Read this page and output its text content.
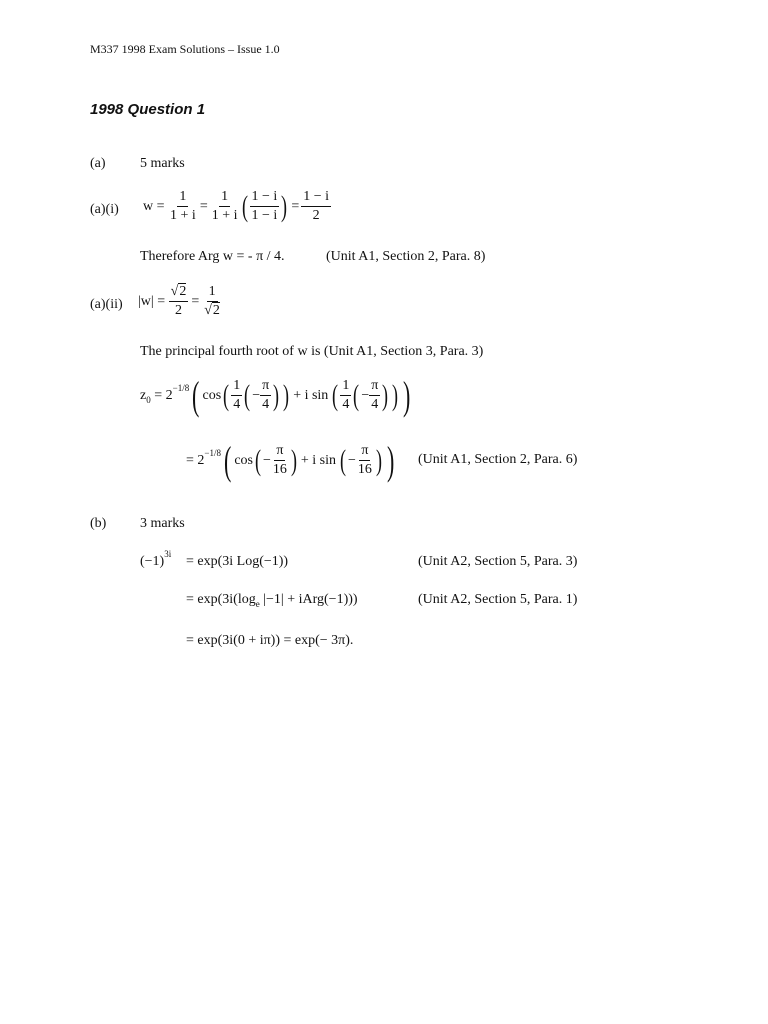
M337 1998 Exam Solutions – Issue 1.0
1998 Question 1
(a) 5 marks
(a)(i) w =
$\frac{1}{1 + i} = \frac{1}{1 + i}$ ( $\frac{1 - i}{1 - i}$ ) = $\frac{1 - i}{2}$
Therefore Arg w = - π / 4.	(Unit A1, Section 2, Para. 8)
(a)(ii) |w| =
$\frac{√2}{2} = \frac{1}{√2}$
The principal fourth root of w is (Unit A1, Section 3, Para. 3)
z 0 = 2 −1/8 ( cos ( $\frac{1}{4}$ ( − $\frac{\pi}{4}$ ) ) + i sin ( $\frac{1}{4}$ ( − $\frac{\pi}{4}$ ) ) )
= 2 −1/8 ( cos ( − $\frac{\pi}{16}$ ) + i sin ( − $\frac{\pi}{16}$ ) ) (Unit A1, Section 2, Para. 6)
(b) 3 marks
$(-1)^{3i} = \exp(3i$ Log(−1))	(Unit A2, Section 5, Para. 3)
= $\exp(3i(\log_e$ |−1| + iArg(−1)))	(Unit A2, Section 5, Para. 1)
= exp(3i(0 + iπ)) = exp(− 3π).
